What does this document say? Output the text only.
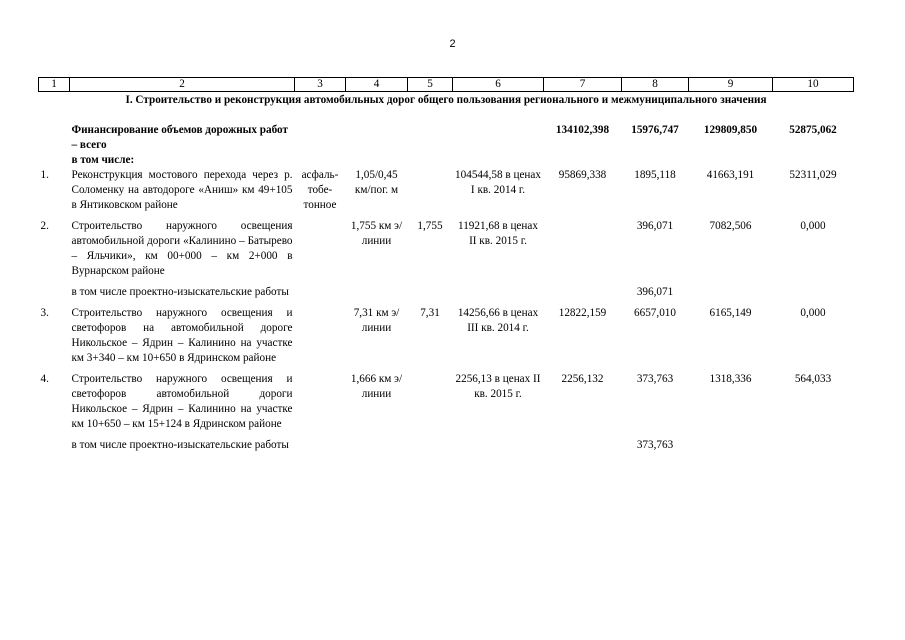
2
1	2	3	4	5	6	7	8	9	10
I. Строительство и реконструкция автомобильных дорог общего пользования регионального и межмуниципального значения									
	Финансирование объемов дорожных работ – всего					134102,398	15976,747	129809,850	52875,062
	в том числе:								
1.	Реконструкция мостового перехода через р. Соломенку на автодороге «Аниш» км 49+105 в Янтиковском районе	асфаль-тобе-тонное	1,05/0,45 км/пог. м		104544,58 в ценах I кв. 2014 г.	95869,338	1895,118	41663,191	52311,029

2.	Строительство наружного освещения автомобильной дороги «Калинино – Батырево – Яльчики», км 00+000 – км 2+000 в Вурнарском районе		1,755 км э/линии	1,755	11921,68 в ценах II кв. 2015 г.		396,071	7082,506	0,000

	в том числе проектно-изыскательские работы						396,071		

3.	Строительство наружного освещения и светофоров на автомобильной дороге Никольское – Ядрин – Калинино на участке км 3+340 – км 10+650 в Ядринском районе		7,31 км э/линии	7,31	14256,66 в ценах III кв. 2014 г.	12822,159	6657,010	6165,149	0,000

4.	Строительство наружного освещения и светофоров автомобильной дороги Никольское – Ядрин – Калинино на участке км 10+650 – км 15+124 в Ядринском районе		1,666 км э/линии		2256,13 в ценах II кв. 2015 г.	2256,132	373,763	1318,336	564,033

	в том числе проектно-изыскательские работы						373,763		
